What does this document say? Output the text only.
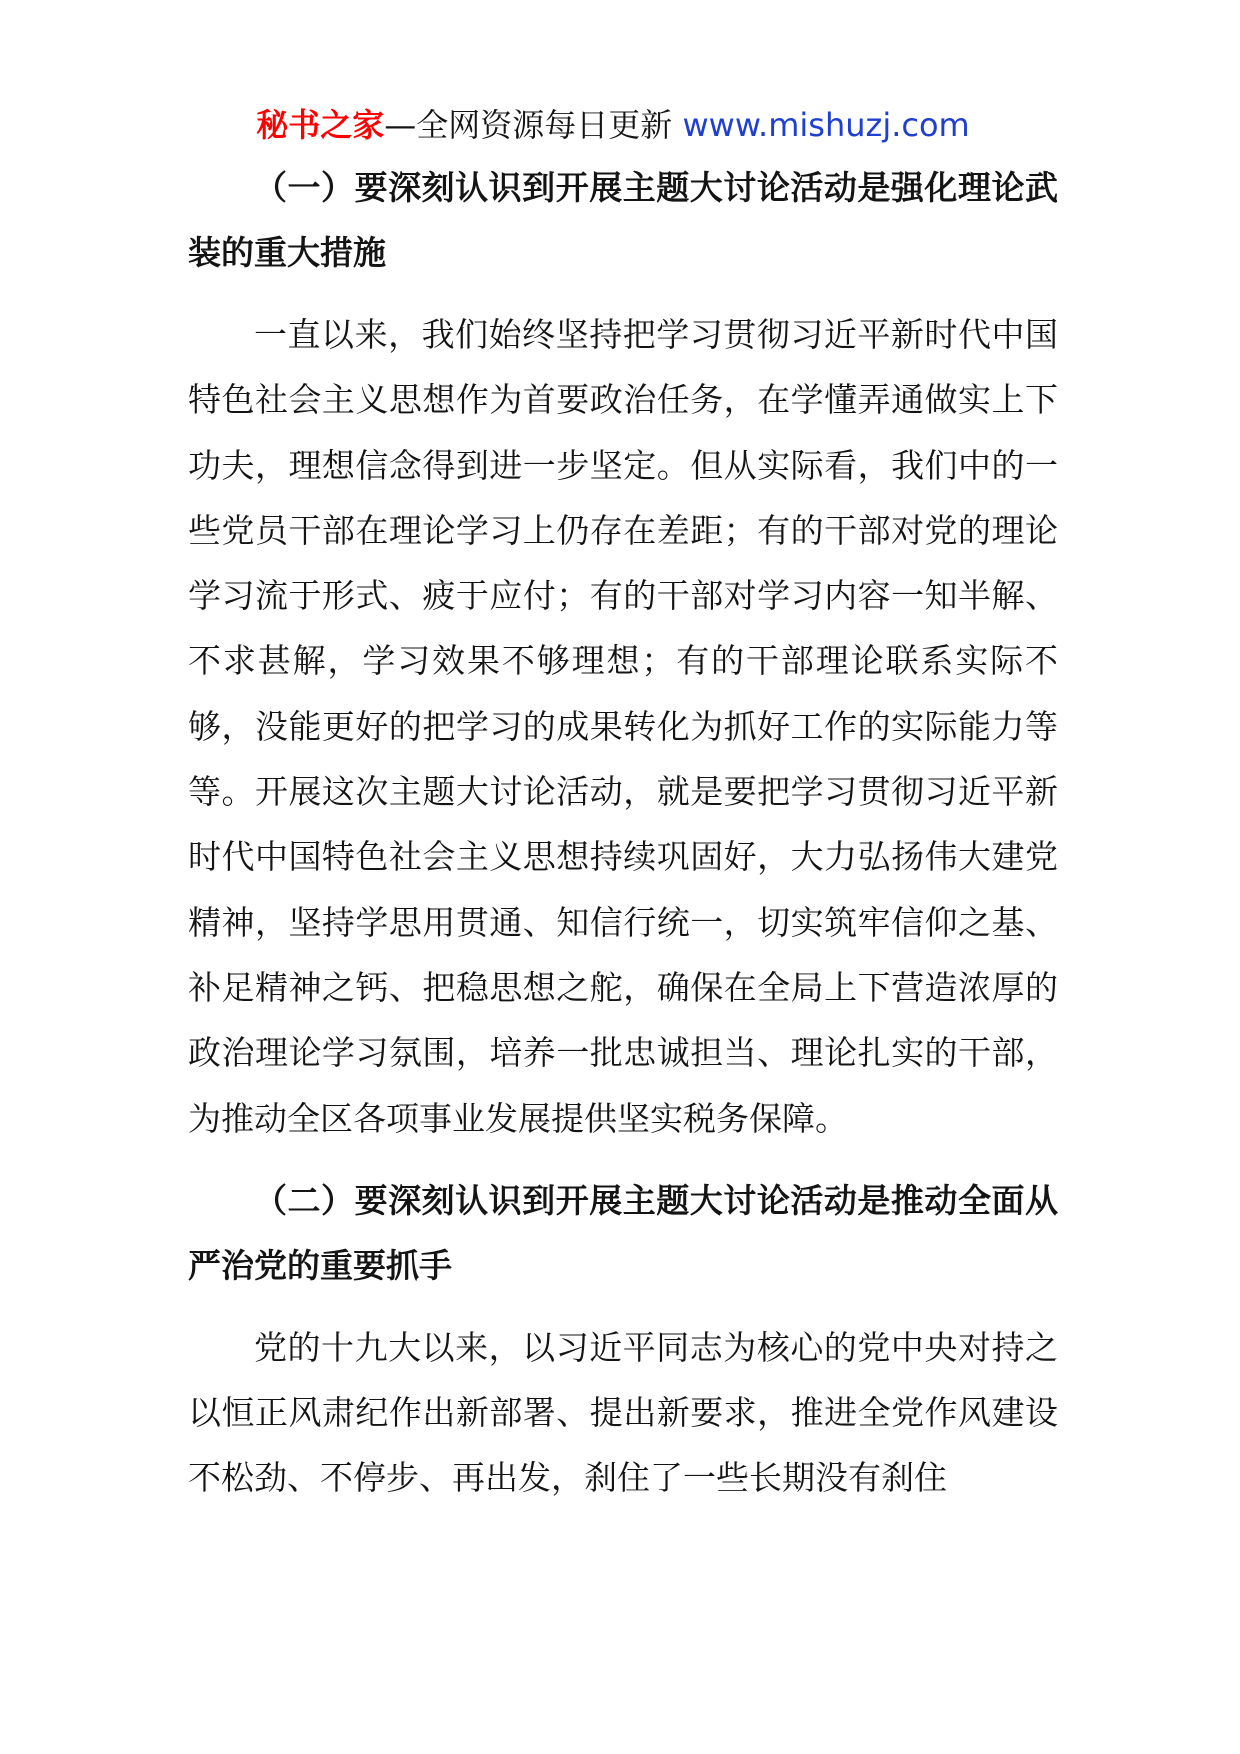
秘书之家—全网资源每日更新 www.mishuzj.com

（一）要深刻认识到开展主题大讨论活动是强化理论武装的重大措施

一直以来，我们始终坚持把学习贯彻习近平新时代中国特色社会主义思想作为首要政治任务，在学懂弄通做实上下功夫，理想信念得到进一步坚定。但从实际看，我们中的一些党员干部在理论学习上仍存在差距；有的干部对党的理论学习流于形式、疲于应付；有的干部对学习内容一知半解、不求甚解，学习效果不够理想；有的干部理论联系实际不够，没能更好的把学习的成果转化为抓好工作的实际能力等等。开展这次主题大讨论活动，就是要把学习贯彻习近平新时代中国特色社会主义思想持续巩固好，大力弘扬伟大建党精神，坚持学思用贯通、知信行统一，切实筑牢信仰之基、补足精神之钙、把稳思想之舵，确保在全局上下营造浓厚的政治理论学习氛围，培养一批忠诚担当、理论扎实的干部，为推动全区各项事业发展提供坚实税务保障。

（二）要深刻认识到开展主题大讨论活动是推动全面从严治党的重要抓手

党的十九大以来，以习近平同志为核心的党中央对持之以恒正风肃纪作出新部署、提出新要求，推进全党作风建设不松劲、不停步、再出发，刹住了一些长期没有刹住
